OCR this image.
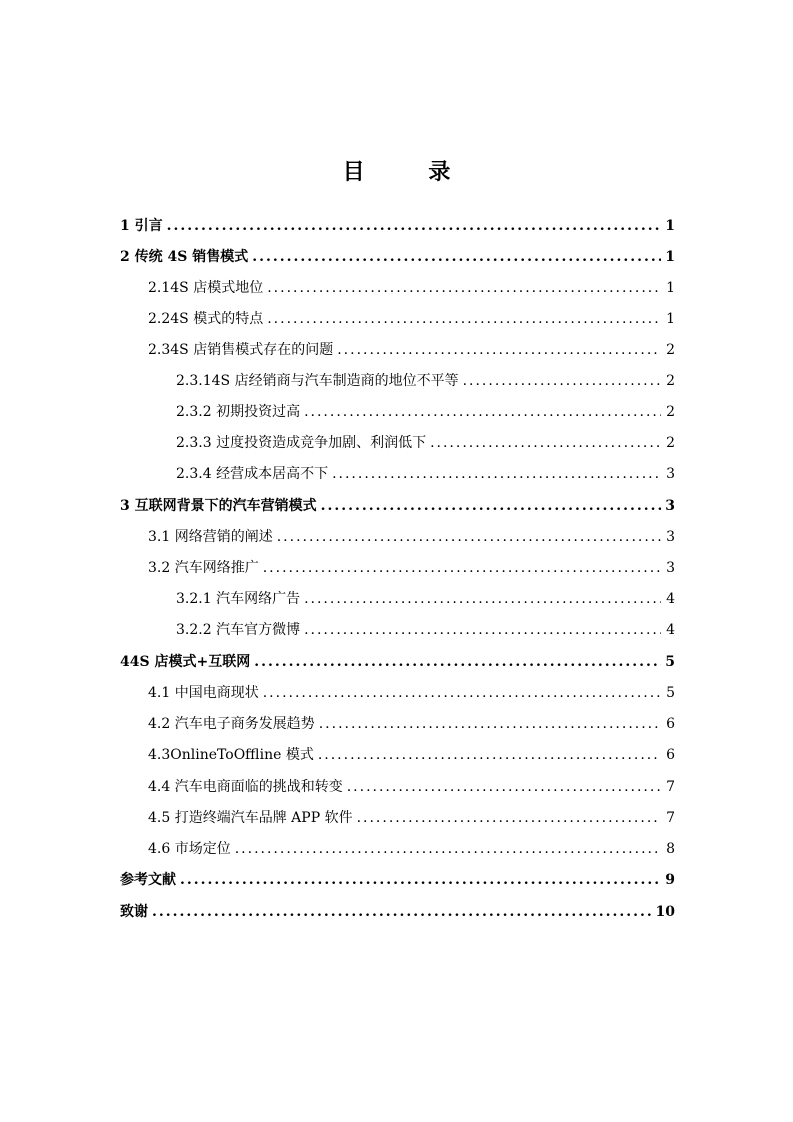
目 录
1 引言 .....	1
2 传统 4S 销售模式 .....	1
2.14S 店模式地位 .....	1
2.24S 模式的特点 .....	1
2.34S 店销售模式存在的问题 .....	2
2.3.14S 店经销商与汽车制造商的地位不平等 .....	2
2.3.2 初期投资过高 .....	2
2.3.3 过度投资造成竞争加剧、利润低下 .....	2
2.3.4 经营成本居高不下 .....	3
3 互联网背景下的汽车营销模式 .....	3
3.1 网络营销的阐述 .....	3
3.2 汽车网络推广 .....	3
3.2.1 汽车网络广告 .....	4
3.2.2 汽车官方微博 .....	4
44S 店模式+互联网 .....	5
4.1 中国电商现状 .....	5
4.2 汽车电子商务发展趋势 .....	6
4.3OnlineToOffline 模式 .....	6
4.4 汽车电商面临的挑战和转变 .....	7
4.5 打造终端汽车品牌 APP 软件 .....	7
4.6 市场定位 .....	8
参考文献 .....	9
致谢 .....	10
